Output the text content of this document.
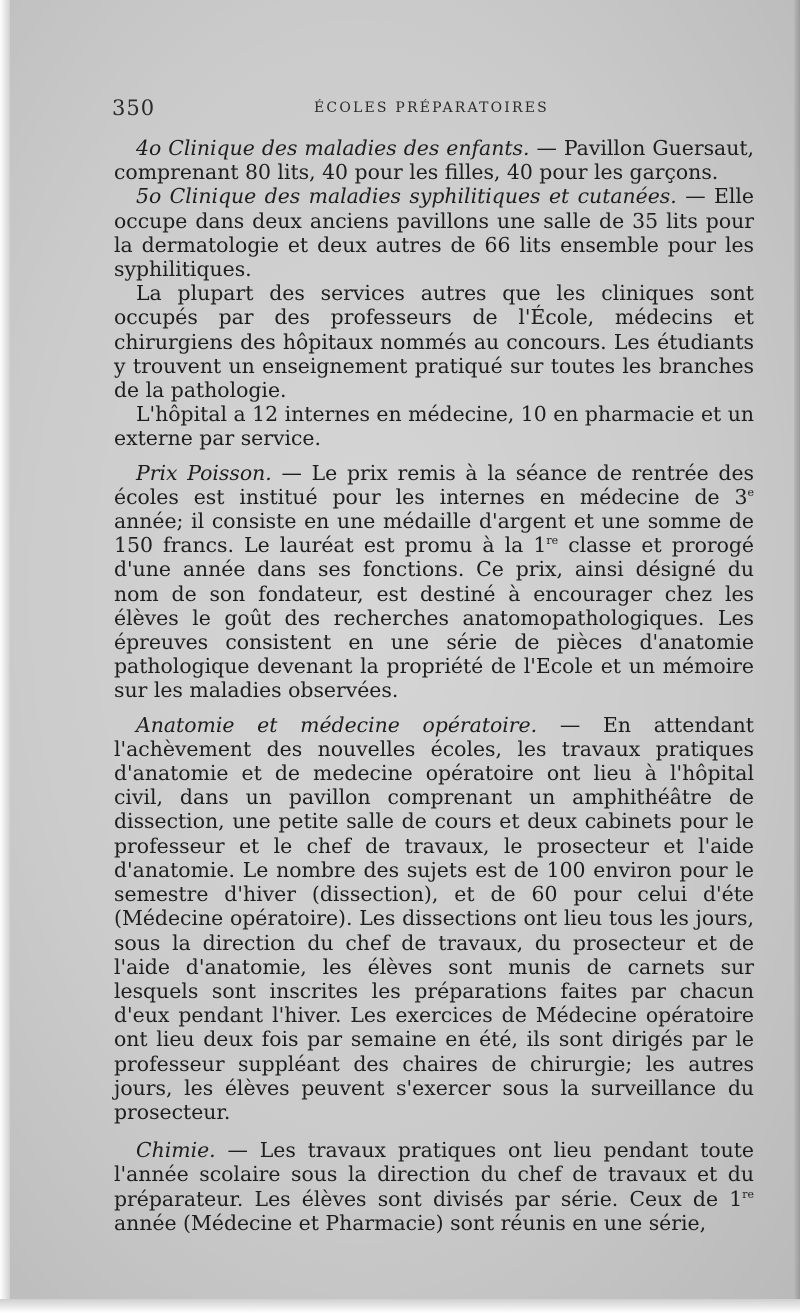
350	ÉCOLES PRÉPARATOIRES

4o Clinique des maladies des enfants. — Pavillon Guersaut, comprenant 80 lits, 40 pour les filles, 40 pour les garçons.

5o Clinique des maladies syphilitiques et cutanées. — Elle occupe dans deux anciens pavillons une salle de 35 lits pour la dermatologie et deux autres de 66 lits ensemble pour les syphilitiques.

La plupart des services autres que les cliniques sont occupés par des professeurs de l'École, médecins et chirurgiens des hôpitaux nommés au concours. Les étudiants y trouvent un enseignement pratiqué sur toutes les branches de la pathologie.

L'hôpital a 12 internes en médecine, 10 en pharmacie et un externe par service.

Prix Poisson. — Le prix remis à la séance de rentrée des écoles est institué pour les internes en médecine de 3e année; il consiste en une médaille d'argent et une somme de 150 francs. Le lauréat est promu à la 1re classe et prorogé d'une année dans ses fonctions. Ce prix, ainsi désigné du nom de son fondateur, est destiné à encourager chez les élèves le goût des recherches anatomopathologiques. Les épreuves consistent en une série de pièces d'anatomie pathologique devenant la propriété de l'Ecole et un mémoire sur les maladies observées.

Anatomie et médecine opératoire. — En attendant l'achèvement des nouvelles écoles, les travaux pratiques d'anatomie et de medecine opératoire ont lieu à l'hôpital civil, dans un pavillon comprenant un amphithéâtre de dissection, une petite salle de cours et deux cabinets pour le professeur et le chef de travaux, le prosecteur et l'aide d'anatomie. Le nombre des sujets est de 100 environ pour le semestre d'hiver (dissection), et de 60 pour celui d'éte (Médecine opératoire). Les dissections ont lieu tous les jours, sous la direction du chef de travaux, du prosecteur et de l'aide d'anatomie, les élèves sont munis de carnets sur lesquels sont inscrites les préparations faites par chacun d'eux pendant l'hiver. Les exercices de Médecine opératoire ont lieu deux fois par semaine en été, ils sont dirigés par le professeur suppléant des chaires de chirurgie; les autres jours, les élèves peuvent s'exercer sous la surveillance du prosecteur.

Chimie. — Les travaux pratiques ont lieu pendant toute l'année scolaire sous la direction du chef de travaux et du préparateur. Les élèves sont divisés par série. Ceux de 1re année (Médecine et Pharmacie) sont réunis en une série,
